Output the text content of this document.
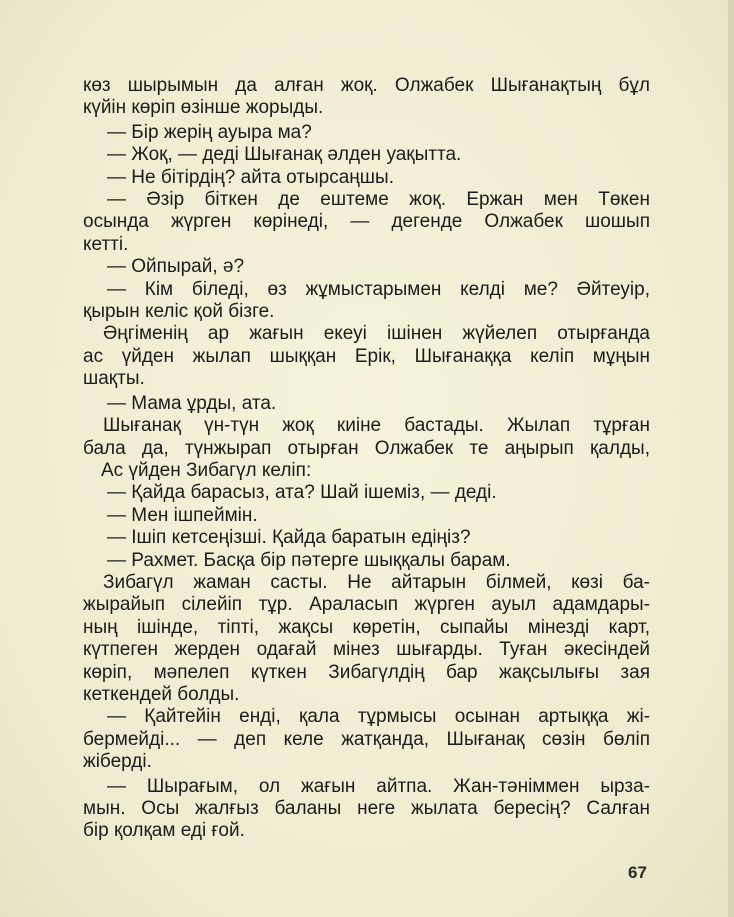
көз шырымын да алған жоқ. Олжабек Шығанақтың бұл
күйін көріп өзінше жорыды.
— Бір жерің ауыра ма?
— Жоқ, — деді Шығанақ әлден уақытта.
— Не бітірдің? айта отырсаңшы.
— Әзір біткен де ештеме жоқ. Ержан мен Төкен
осында жүрген көрінеді, — дегенде Олжабек шошып
кетті.
— Ойпырай, ә?
— Кім біледі, өз жұмыстарымен келді ме? Әйтеуір,
қырын келіс қой бізге.
Әңгіменің ар жағын екеуі ішінен жүйелеп отырғанда
ас үйден жылап шыққан Ерік, Шығанаққа келіп мұңын
шақты.
— Мама ұрды, ата.
Шығанақ үн-түн жоқ киіне бастады. Жылап тұрған
бала да, түнжырап отырған Олжабек те аңырып қалды,
Ас үйден Зибагүл келіп:
— Қайда барасыз, ата? Шай ішеміз, — деді.
— Мен ішпеймін.
— Ішіп кетсеңізші. Қайда баратын едіңіз?
— Рахмет. Басқа бір пәтерге шыққалы барам.
Зибагүл жаман састы. Не айтарын білмей, көзі ба-
жырайып сілейіп тұр. Араласып жүрген ауыл адамдары-
ның ішінде, тіпті, жақсы көретін, сыпайы мінезді карт,
күтпеген жерден одағай мінез шығарды. Туған әкесіндей
көріп, мәпелеп күткен Зибагүлдің бар жақсылығы зая
кеткендей болды.
— Қайтейін енді, қала тұрмысы осынан артыққа жі-
бермейді... — деп келе жатқанда, Шығанақ сөзін бөліп
жіберді.
— Шырағым, ол жағын айтпа. Жан-тәніммен ырза-
мын. Осы жалғыз баланы неге жылата бересің? Салған
бір қолқам еді ғой.
67
